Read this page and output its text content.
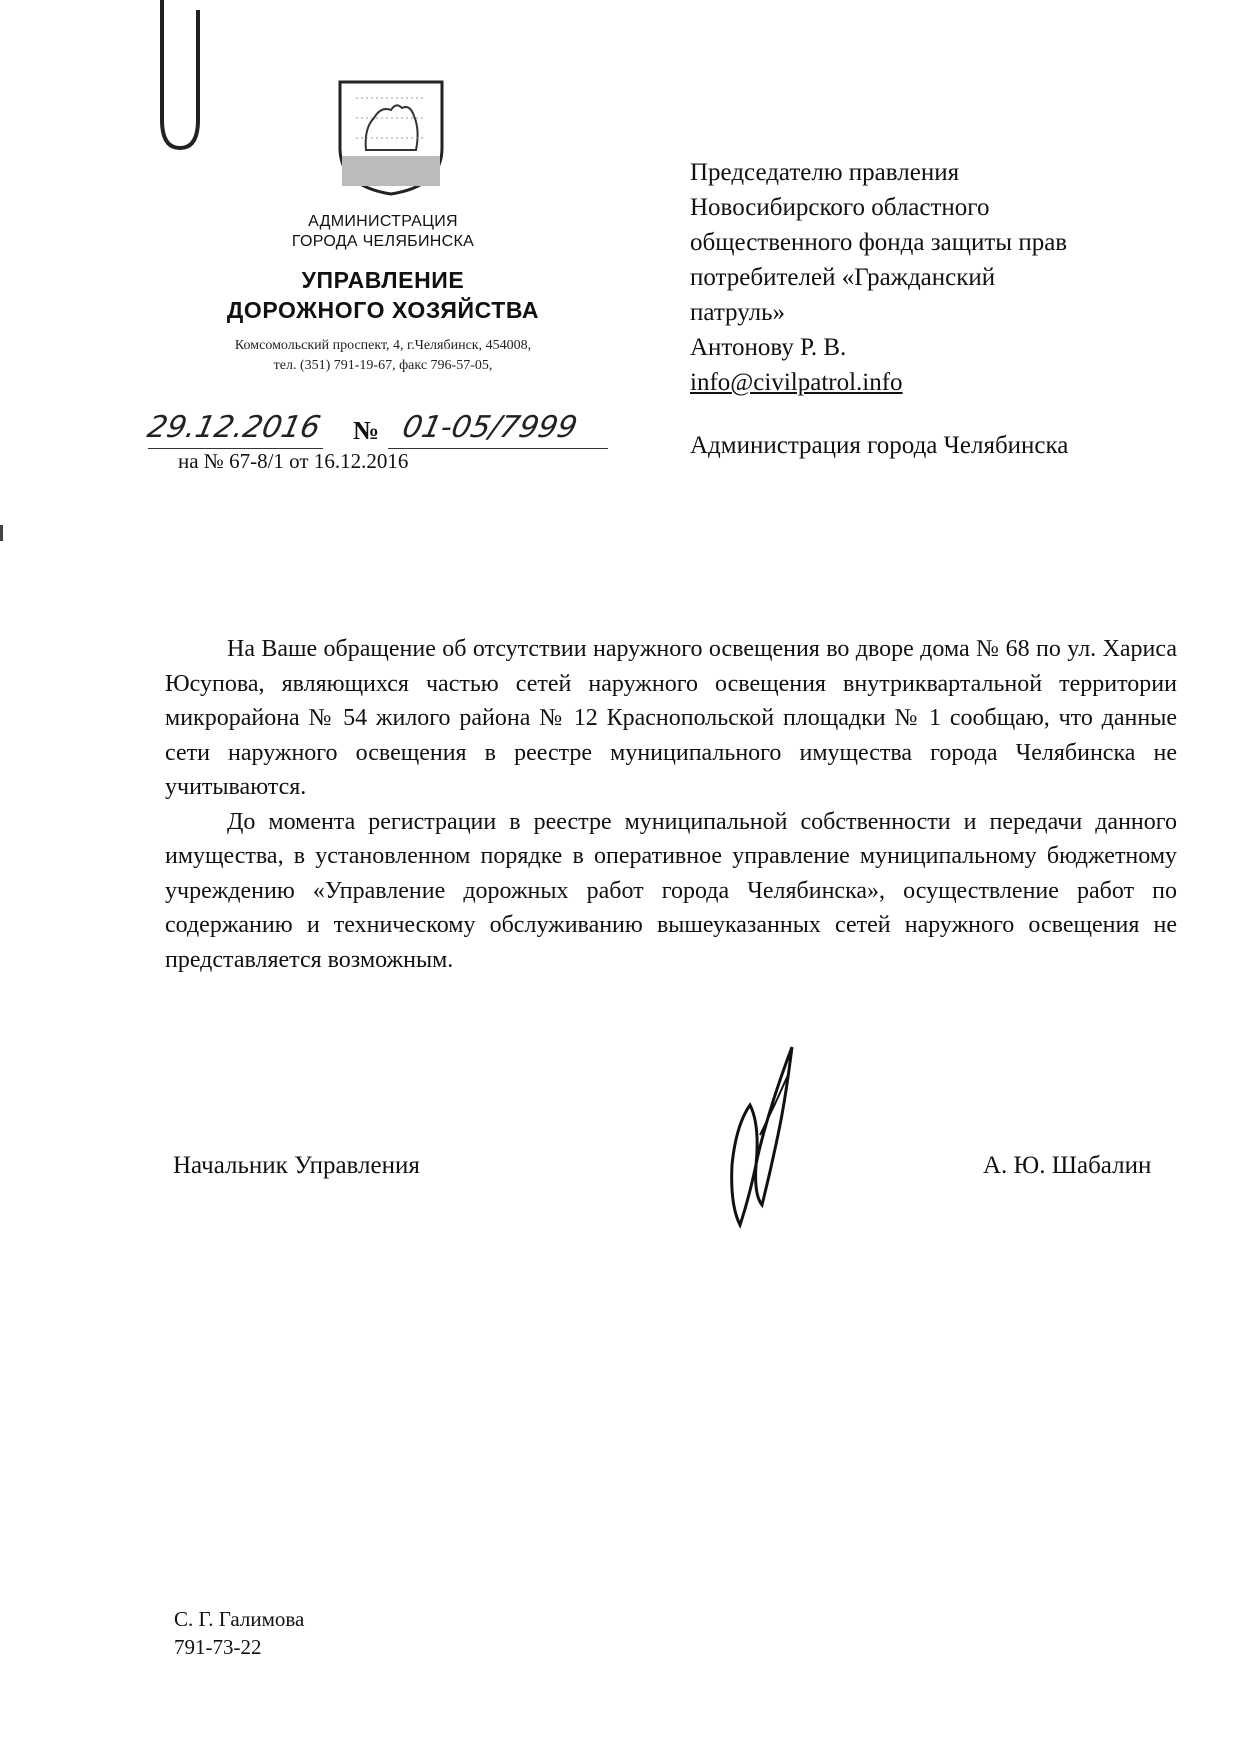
АДМИНИСТРАЦИЯ
ГОРОДА ЧЕЛЯБИНСКА
УПРАВЛЕНИЕ
ДОРОЖНОГО ХОЗЯЙСТВА
Комсомольский проспект, 4, г.Челябинск, 454008,
тел. (351) 791-19-67, факс 796-57-05,
29.12.2016 № 01-05/7999
на № 67-8/1 от 16.12.2016
Председателю правления
Новосибирского областного
общественного фонда защиты прав
потребителей «Гражданский
патруль»
Антонову Р. В.
info@civilpatrol.info
Администрация города Челябинска

На Ваше обращение об отсутствии наружного освещения во дворе дома № 68 по ул. Хариса Юсупова, являющихся частью сетей наружного освещения внутриквартальной территории микрорайона № 54 жилого района № 12 Краснопольской площадки № 1 сообщаю, что данные сети наружного освещения в реестре муниципального имущества города Челябинска не учитываются.

До момента регистрации в реестре муниципальной собственности и передачи данного имущества, в установленном порядке в оперативное управление муниципальному бюджетному учреждению «Управление дорожных работ города Челябинска», осуществление работ по содержанию и техническому обслуживанию вышеуказанных сетей наружного освещения не представляется возможным.

Начальник Управления	А. Ю. Шабалин
С. Г. Галимова
791-73-22
